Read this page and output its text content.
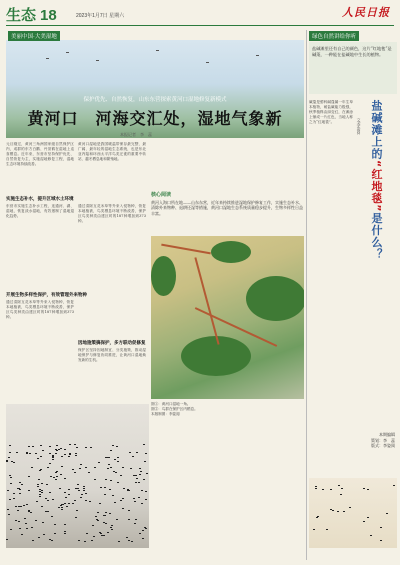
生态 18	2023年1月7日 星期六	人民日报
美丽中国·大美湿地
保护优先、自然恢复，山东东营探索黄河口湿地修复新模式
黄河口　河海交汇处，湿地气象新
本报记者　李　蕊
元旦刚过，黄河三角洲国家级自然保护区内，成群的东方白鹳、丹顶鹤在湿地上觅食栖息。近年来，东营市坚持保护优先、自然恢复为主，实施湿地修复工程，湿地生态环境持续改善。
黄河口湿地是我国暖温带保存最完整、最广阔、最年轻的湿地生态系统，也是东北亚内陆和环西太平洋鸟类迁徙的重要中转站、越冬栖息地和繁殖地。
实施生态补水，提升区域水土环境
东营市实施生态补水工程，连通河、湖、湿地，恢复淡水湿地，有效遏制了湿地退化趋势。
开展生物多样性保护，有效管理外来物种
通过清除互花米草等外来入侵物种，恢复本地植被，鸟类栖息环境不断改善，保护区鸟类种类由建区时的187种增加到373种。
通过清除互花米草等外来入侵物种，恢复本地植被，鸟类栖息环境不断改善，保护区鸟类种类由建区时的187种增加到373种。
因地施策搞保护，多方联动促修复
保护区坚持因地制宜、分类施策，推动湿地保护与修复协同推进，让黄河口湿地焕发新的生机。
核心阅读
黄河入海口所在地——山东东营，近年来持续推进湿地保护修复工作，实施生态补水、清除外来物种、退耕还湿等措施，黄河口湿地生态系统质量稳步提升，生物多样性日益丰富。
图①：黄河口湿地一角。
图②：鸟群在保护区内栖息。
本版制图：李姿阅
绿色自然讲给你听
盐碱滩里还有自己的颜色，这片“红地毯”是碱蓬，一种能在盐碱地中生长的植物。
盐碱滩上的“红地毯”是什么？
文/李姿阅
碱蓬是藜科碱蓬属一年生草本植物，耐盐碱能力极强，秋季植株由绿变红，在滩涂上铺成一片红色，当地人称之为“红地毯”。
本期编辑
策划：李　蕊
版式：李姿阅
